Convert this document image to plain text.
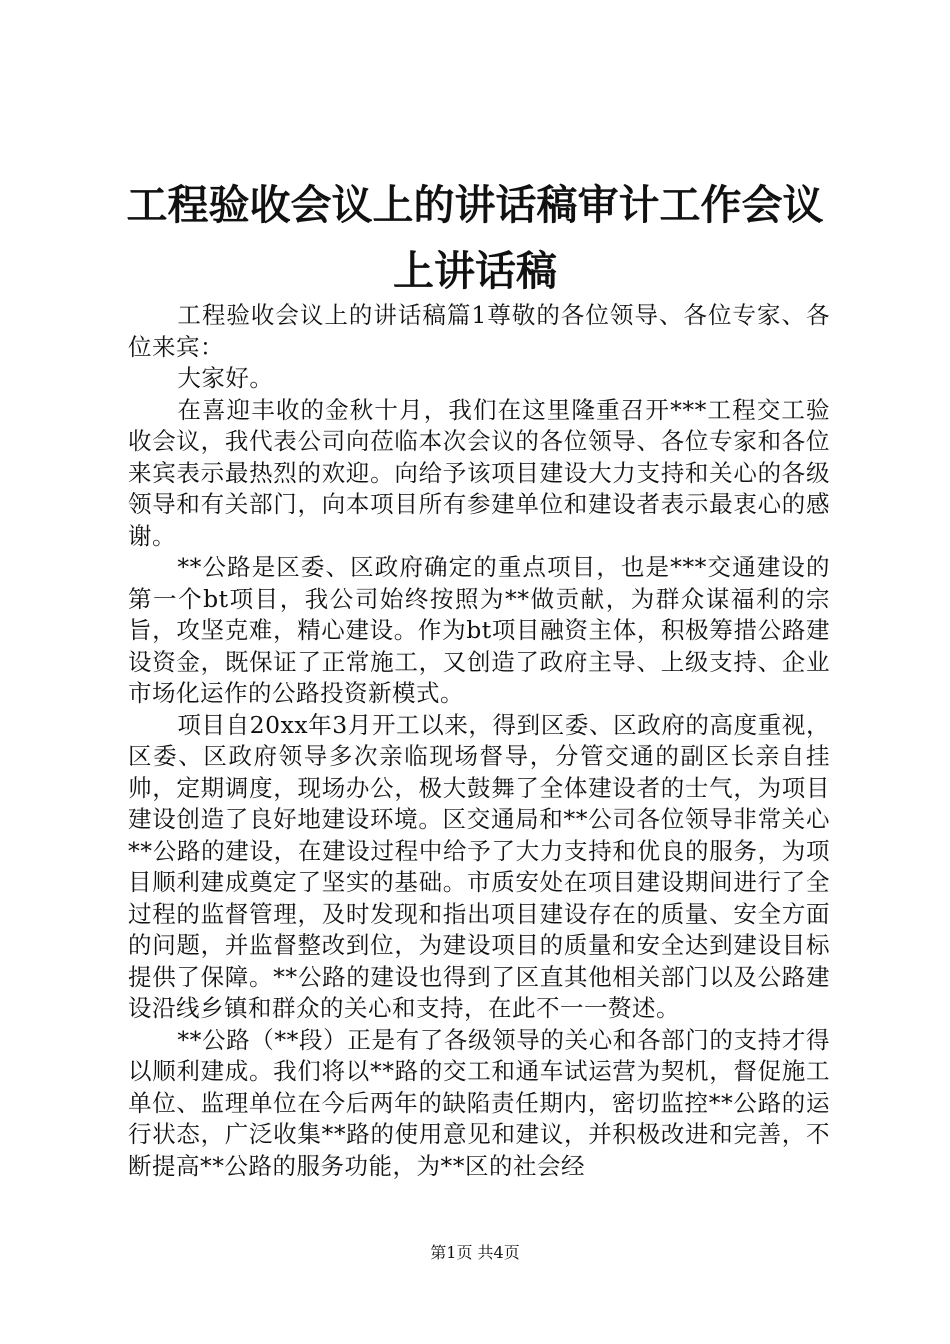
工程验收会议上的讲话稿审计工作会议上讲话稿

工程验收会议上的讲话稿篇1尊敬的各位领导、各位专家、各位来宾：

大家好。

在喜迎丰收的金秋十月，我们在这里隆重召开***工程交工验收会议，我代表公司向莅临本次会议的各位领导、各位专家和各位来宾表示最热烈的欢迎。向给予该项目建设大力支持和关心的各级领导和有关部门，向本项目所有参建单位和建设者表示最衷心的感谢。

**公路是区委、区政府确定的重点项目，也是***交通建设的第一个bt项目，我公司始终按照为**做贡献，为群众谋福利的宗旨，攻坚克难，精心建设。作为bt项目融资主体，积极筹措公路建设资金，既保证了正常施工，又创造了政府主导、上级支持、企业市场化运作的公路投资新模式。

项目自20xx年3月开工以来，得到区委、区政府的高度重视，区委、区政府领导多次亲临现场督导，分管交通的副区长亲自挂帅，定期调度，现场办公，极大鼓舞了全体建设者的士气，为项目建设创造了良好地建设环境。区交通局和**公司各位领导非常关心**公路的建设，在建设过程中给予了大力支持和优良的服务，为项目顺利建成奠定了坚实的基础。市质安处在项目建设期间进行了全过程的监督管理，及时发现和指出项目建设存在的质量、安全方面的问题，并监督整改到位，为建设项目的质量和安全达到建设目标提供了保障。**公路的建设也得到了区直其他相关部门以及公路建设沿线乡镇和群众的关心和支持，在此不一一赘述。

**公路（**段）正是有了各级领导的关心和各部门的支持才得以顺利建成。我们将以**路的交工和通车试运营为契机，督促施工单位、监理单位在今后两年的缺陷责任期内，密切监控**公路的运行状态，广泛收集**路的使用意见和建议，并积极改进和完善，不断提高**公路的服务功能，为**区的社会经

第1页 共4页
